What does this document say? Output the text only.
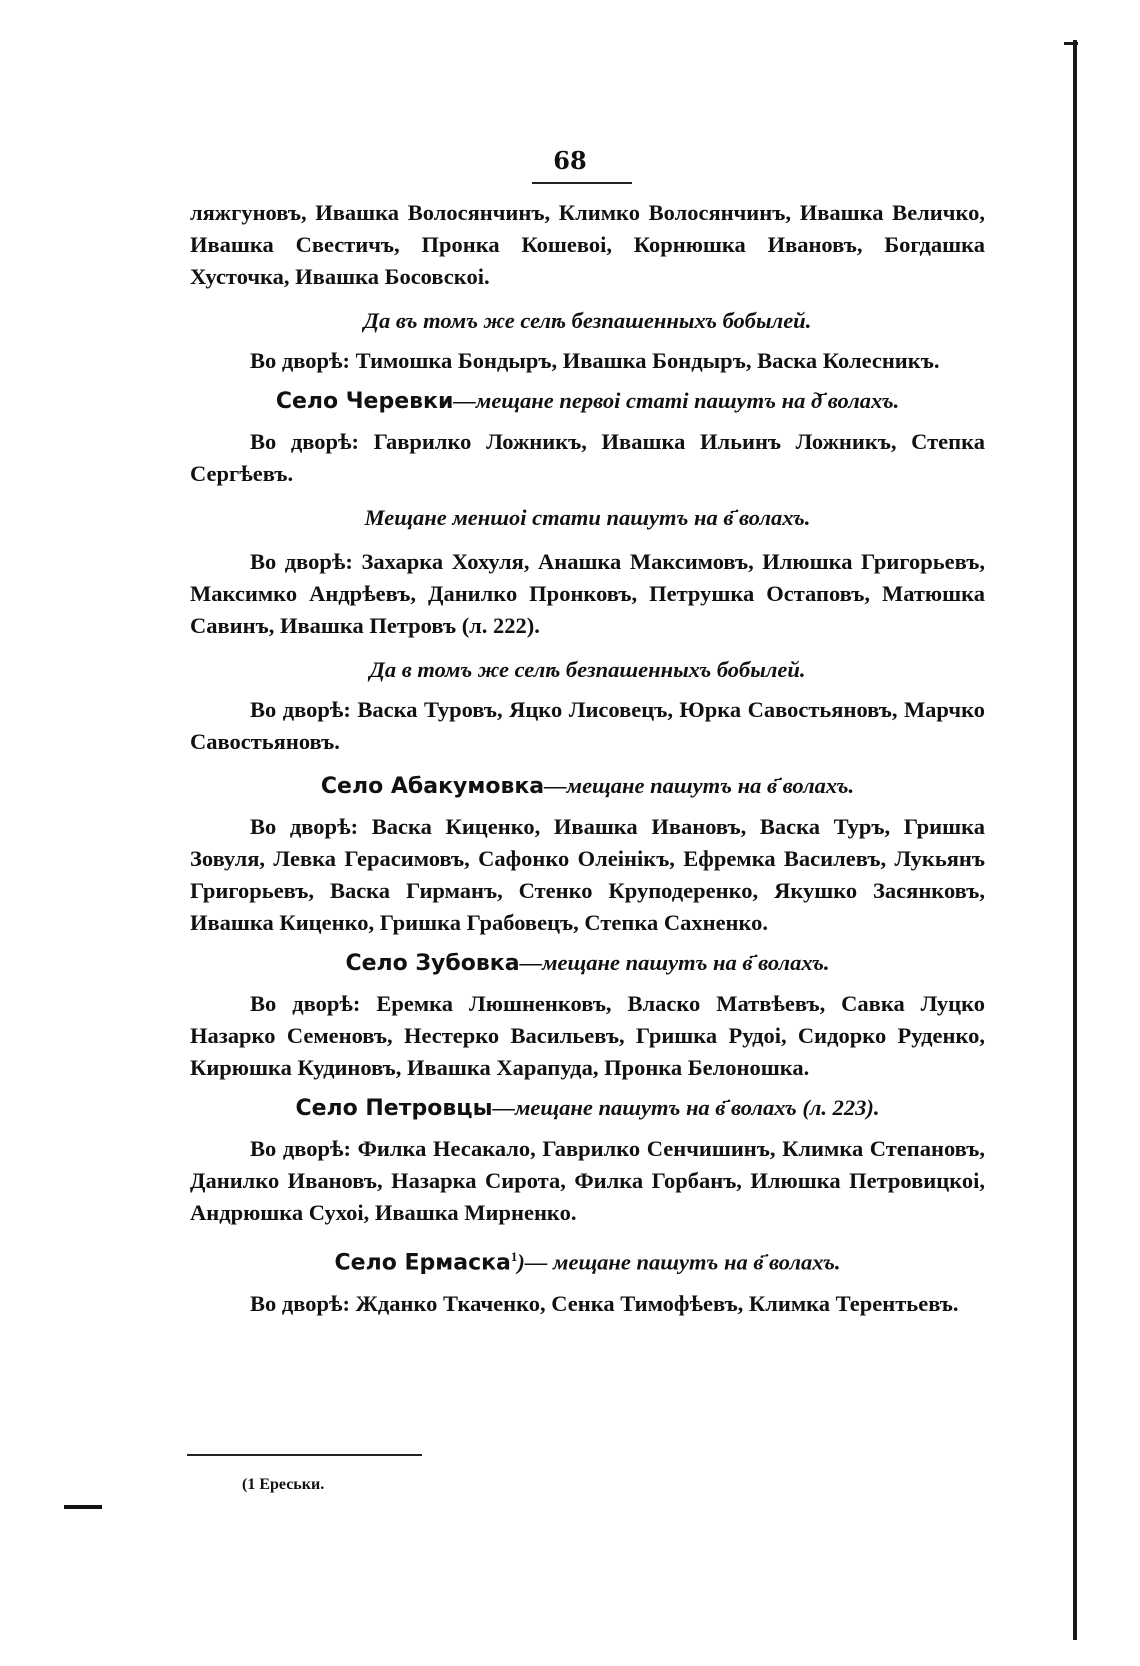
68

ляжгуновъ, Ивашка Волосянчинъ, Климко Волосянчинъ, Ивашка Величко, Ивашка Свестичъ, Пронка Кошевоі, Корнюшка Ивановъ, Богдашка Хусточка, Ивашка Босовскоі.

Да въ томъ же селѣ безпашенныхъ бобылей.

Во дворѣ: Тимошка Бондыръ, Ивашка Бондыръ, Васка Колесникъ.

Село Черевки—мещане первоі статі пашутъ на д҃ волахъ.

Во дворѣ: Гаврилко Ложникъ, Ивашка Ильинъ Ложникъ, Степка Сергѣевъ.

Мещане меншоі стати пашутъ на в҃ волахъ.

Во дворѣ: Захарка Хохуля, Анашка Максимовъ, Илюшка Григорьевъ, Максимко Андрѣевъ, Данилко Пронковъ, Петрушка Остаповъ, Матюшка Савинъ, Ивашка Петровъ (л. 222).

Да в томъ же селѣ безпашенныхъ бобылей.

Во дворѣ: Васка Туровъ, Яцко Лисовецъ, Юрка Савостьяновъ, Марчко Савостьяновъ.

Село Абакумовка—мещане пашутъ на в҃ волахъ.

Во дворѣ: Васка Киценко, Ивашка Ивановъ, Васка Туръ, Гришка Зовуля, Левка Герасимовъ, Сафонко Олеінікъ, Ефремка Василевъ, Лукьянъ Григорьевъ, Васка Гирманъ, Стенко Круподеренко, Якушко Засянковъ, Ивашка Киценко, Гришка Грабовецъ, Степка Сахненко.

Село Зубовка—мещане пашутъ на в҃ волахъ.

Во дворѣ: Еремка Люшненковъ, Власко Матвѣевъ, Савка Луцко Назарко Семеновъ, Нестерко Васильевъ, Гришка Рудоі, Сидорко Руденко, Кирюшка Кудиновъ, Ивашка Харапуда, Пронка Белоношка.

Село Петровцы—мещане пашутъ на в҃ волахъ (л. 223).

Во дворѣ: Филка Несакало, Гаврилко Сенчишинъ, Климка Степановъ, Данилко Ивановъ, Назарка Сирота, Филка Горбанъ, Илюшка Петровицкоі, Андрюшка Сухоі, Ивашка Мирненко.

Село Ермаска$^1$)— мещане пашутъ на в҃ волахъ.

Во дворѣ: Жданко Ткаченко, Сенка Тимофѣевъ, Климка Терентьевъ.

(1 Ереськи.
